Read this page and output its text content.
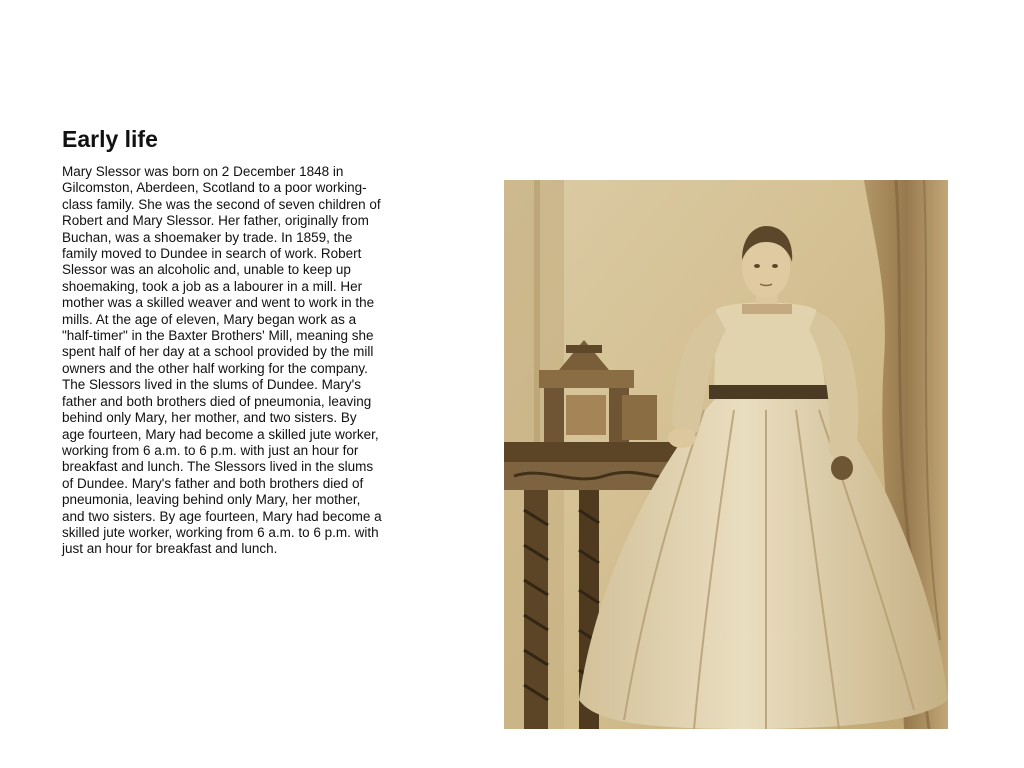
Early life

Mary Slessor was born on 2 December 1848 in Gilcomston, Aberdeen, Scotland to a poor working-class family. She was the second of seven children of Robert and Mary Slessor. Her father, originally from Buchan, was a shoemaker by trade. In 1859, the family moved to Dundee in search of work. Robert Slessor was an alcoholic and, unable to keep up shoemaking, took a job as a labourer in a mill. Her mother was a skilled weaver and went to work in the mills. At the age of eleven, Mary began work as a "half-timer" in the Baxter Brothers' Mill, meaning she spent half of her day at a school provided by the mill owners and the other half working for the company. The Slessors lived in the slums of Dundee. Mary's father and both brothers died of pneumonia, leaving behind only Mary, her mother, and two sisters. By age fourteen, Mary had become a skilled jute worker, working from 6 a.m. to 6 p.m. with just an hour for breakfast and lunch. The Slessors lived in the slums of Dundee. Mary's father and both brothers died of pneumonia, leaving behind only Mary, her mother, and two sisters. By age fourteen, Mary had become a skilled jute worker, working from 6 a.m. to 6 p.m. with just an hour for breakfast and lunch.
